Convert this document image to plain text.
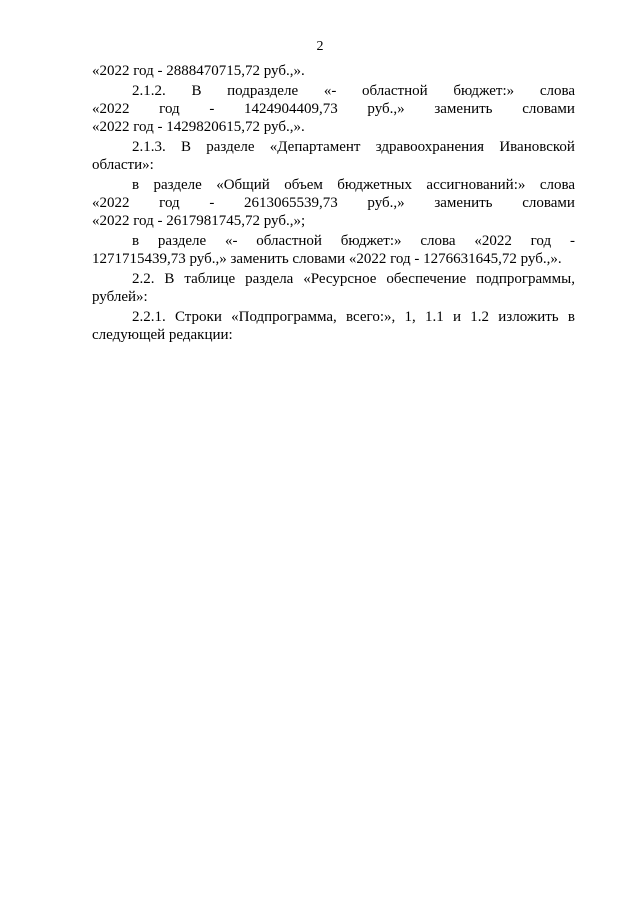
2
«2022 год - 2888470715,72 руб.,».
2.1.2. В подразделе «- областной бюджет:» слова
«2022 год - 1424904409,73 руб.,» заменить словами
«2022 год - 1429820615,72 руб.,».
2.1.3. В разделе «Департамент здравоохранения Ивановской
области»:
в разделе «Общий объем бюджетных ассигнований:» слова
«2022 год - 2613065539,73 руб.,» заменить словами
«2022 год - 2617981745,72 руб.,»;
в разделе «- областной бюджет:» слова «2022 год -
1271715439,73 руб.,» заменить словами «2022 год - 1276631645,72 руб.,».
2.2. В таблице раздела «Ресурсное обеспечение подпрограммы,
рублей»:
2.2.1. Строки «Подпрограмма, всего:», 1, 1.1 и 1.2 изложить в
следующей редакции:
